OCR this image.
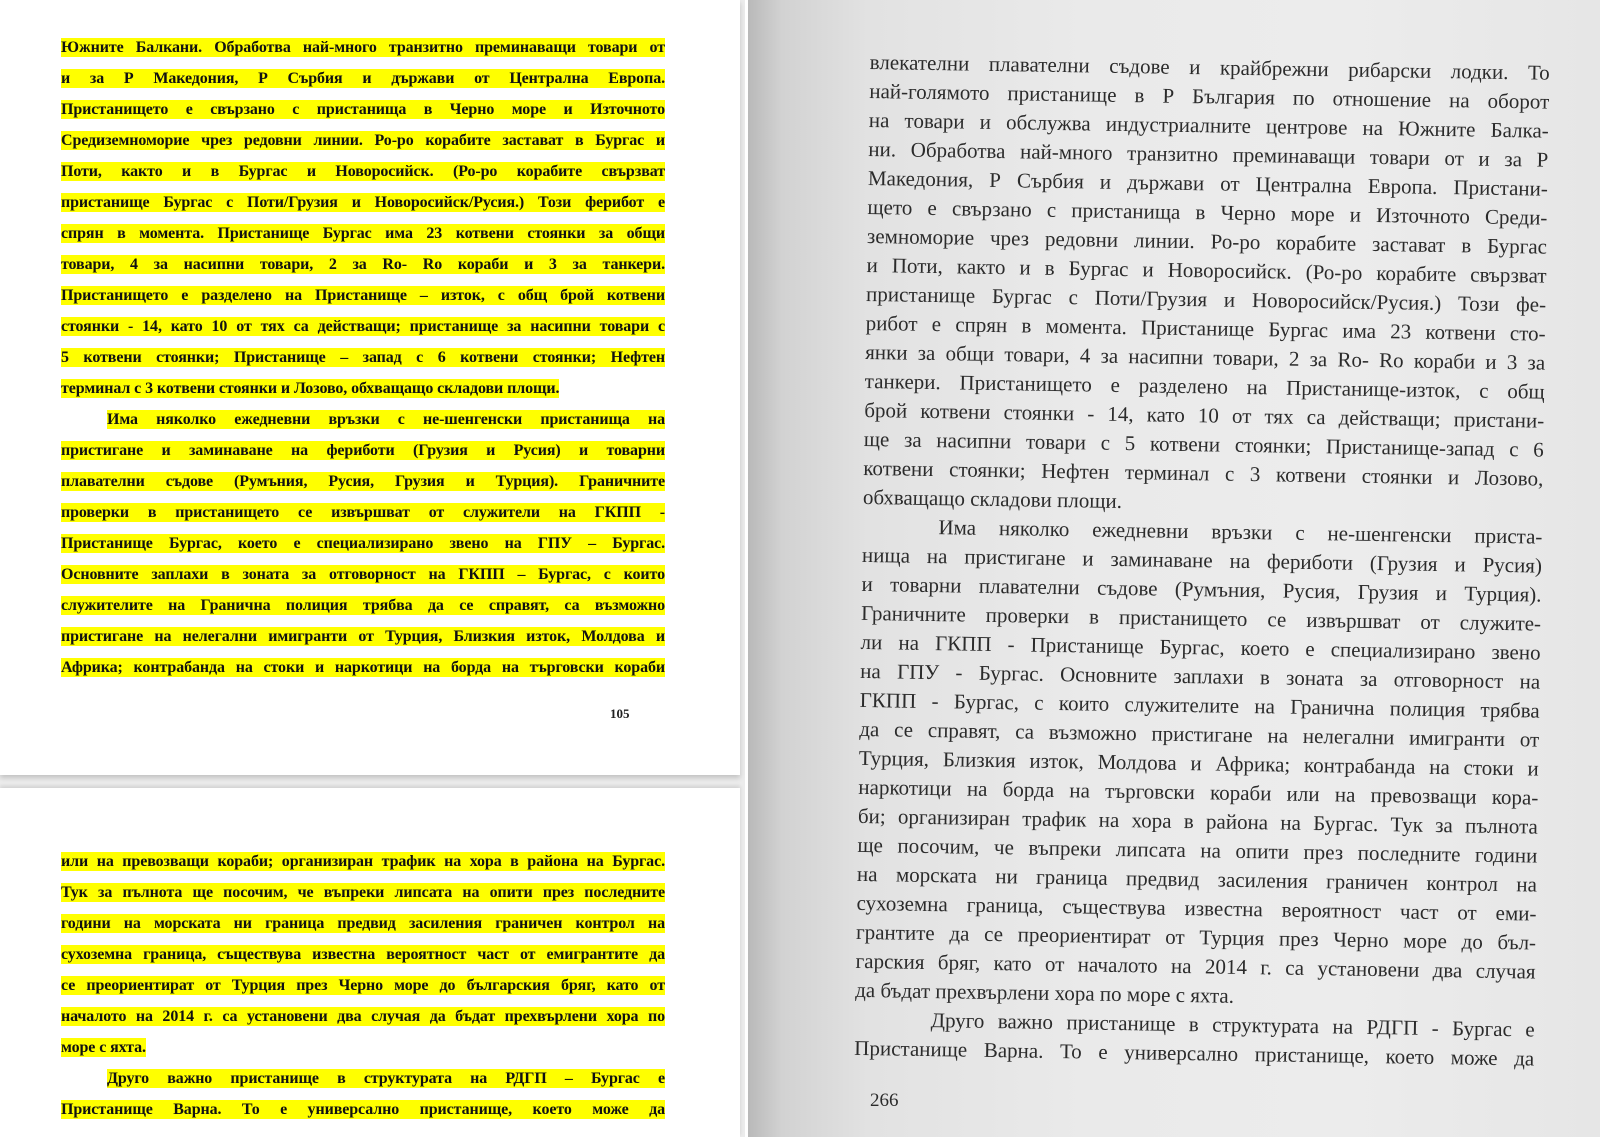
Южните Балкани. Обработва най-много транзитно преминаващи товари от
и за Р Македония, Р Сърбия и държави от Централна Европа.
Пристанището е свързано с пристанища в Черно море и Източното
Средиземноморие чрез редовни линии. Ро-ро корабите застават в Бургас и
Поти, както и в Бургас и Новоросийск. (Ро-ро корабите свързват
пристанище Бургас с Поти/Грузия и Новоросийск/Русия.) Този ферибот е
спрян в момента. Пристанище Бургас има 23 котвени стоянки за общи
товари, 4 за насипни товари, 2 за Ro- Ro кораби и 3 за танкери.
Пристанището е разделено на Пристанище – изток, с общ брой котвени
стоянки - 14, като 10 от тях са действащи; пристанище за насипни товари с
5 котвени стоянки; Пристанище – запад с 6 котвени стоянки; Нефтен
терминал с 3 котвени стоянки и Лозово, обхващащо складови площи.
Има няколко ежедневни връзки с не-шенгенски пристанища на
пристигане и заминаване на фериботи (Грузия и Русия) и товарни
плавателни съдове (Румъния, Русия, Грузия и Турция). Граничните
проверки в пристанището се извършват от служители на ГКПП -
Пристанище Бургас, което е специализирано звено на ГПУ – Бургас.
Основните заплахи в зоната за отговорност на ГКПП – Бургас, с които
служителите на Гранична полиция трябва да се справят, са възможно
пристигане на нелегални имигранти от Турция, Близкия изток, Молдова и
Африка; контрабанда на стоки и наркотици на борда на търговски кораби
105
или на превозващи кораби; организиран трафик на хора в района на Бургас.
Тук за пълнота ще посочим, че въпреки липсата на опити през последните
години на морската ни граница предвид засиления граничен контрол на
сухоземна граница, съществува известна вероятност част от емигрантите да
се преориентират от Турция през Черно море до българския бряг, като от
началото на 2014 г. са установени два случая да бъдат прехвърлени хора по
море с яхта.
Друго важно пристанище в структурата на РДГП – Бургас е
Пристанище Варна. То е универсално пристанище, което може да
влекателни плавателни съдове и крайбрежни рибарски лодки. То
най-голямото пристанище в Р България по отношение на оборот
на товари и обслужва индустриалните центрове на Южните Балка-
ни. Обработва най-много транзитно преминаващи товари от и за Р
Македония, Р Сърбия и държави от Централна Европа. Пристани-
щето е свързано с пристанища в Черно море и Източното Среди-
земноморие чрез редовни линии. Ро-ро корабите застават в Бургас
и Поти, както и в Бургас и Новоросийск. (Ро-ро корабите свързват
пристанище Бургас с Поти/Грузия и Новоросийск/Русия.) Този фе-
рибот е спрян в момента. Пристанище Бургас има 23 котвени сто-
янки за общи товари, 4 за насипни товари, 2 за Ro- Ro кораби и 3 за
танкери. Пристанището е разделено на Пристанище-изток, с общ
брой котвени стоянки - 14, като 10 от тях са действащи; пристани-
ще за насипни товари с 5 котвени стоянки; Пристанище-запад с 6
котвени стоянки; Нефтен терминал с 3 котвени стоянки и Лозово,
обхващащо складови площи.
Има няколко ежедневни връзки с не-шенгенски приста-
нища на пристигане и заминаване на фериботи (Грузия и Русия)
и товарни плавателни съдове (Румъния, Русия, Грузия и Турция).
Граничните проверки в пристанището се извършват от служите-
ли на ГКПП - Пристанище Бургас, което е специализирано звено
на ГПУ - Бургас. Основните заплахи в зоната за отговорност на
ГКПП - Бургас, с които служителите на Гранична полиция трябва
да се справят, са възможно пристигане на нелегални имигранти от
Турция, Близкия изток, Молдова и Африка; контрабанда на стоки и
наркотици на борда на търговски кораби или на превозващи кора-
би; организиран трафик на хора в района на Бургас. Тук за пълнота
ще посочим, че въпреки липсата на опити през последните години
на морската ни граница предвид засиления граничен контрол на
сухоземна граница, съществува известна вероятност част от еми-
грантите да се преориентират от Турция през Черно море до бъл-
гарския бряг, като от началото на 2014 г. са установени два случая
да бъдат прехвърлени хора по море с яхта.
Друго важно пристанище в структурата на РДГП - Бургас е
Пристанище Варна. То е универсално пристанище, което може да
266
